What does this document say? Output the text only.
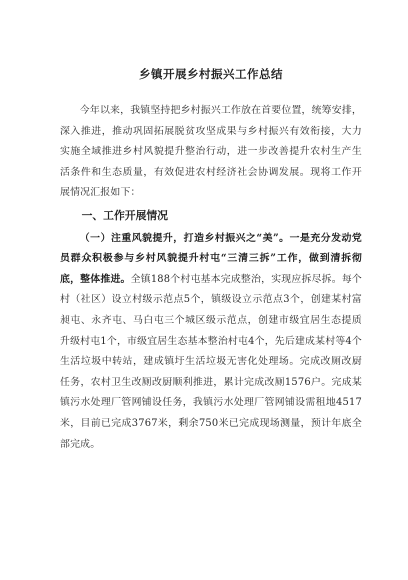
乡镇开展乡村振兴工作总结

今年以来，我镇坚持把乡村振兴工作放在首要位置，统筹安排，深入推进，推动巩固拓展脱贫攻坚成果与乡村振兴有效衔接，大力实施全域推进乡村风貌提升整治行动，进一步改善提升农村生产生活条件和生态质量，有效促进农村经济社会协调发展。现将工作开展情况汇报如下：

一、工作开展情况

（一）注重风貌提升，打造乡村振兴之“美”。一是充分发动党员群众积极参与乡村风貌提升村屯“三清三拆”工作，做到清拆彻底，整体推进。全镇188个村屯基本完成整治，实现应拆尽拆。每个村（社区）设立村级示范点5个，镇级设立示范点3个，创建某村富昶屯、永齐屯、马白屯三个城区级示范点，创建市级宜居生态提质升级村屯1个，市级宜居生态基本整治村屯4个，先后建成某村等4个生活垃圾中转站，建成镇圩生活垃圾无害化处理场。完成改厕改厨任务，农村卫生改厕改厨顺利推进，累计完成改厕1576户。完成某镇污水处理厂管网铺设任务，我镇污水处理厂管网铺设需租地4517米，目前已完成3767米，剩余750米已完成现场测量，预计年底全部完成。
